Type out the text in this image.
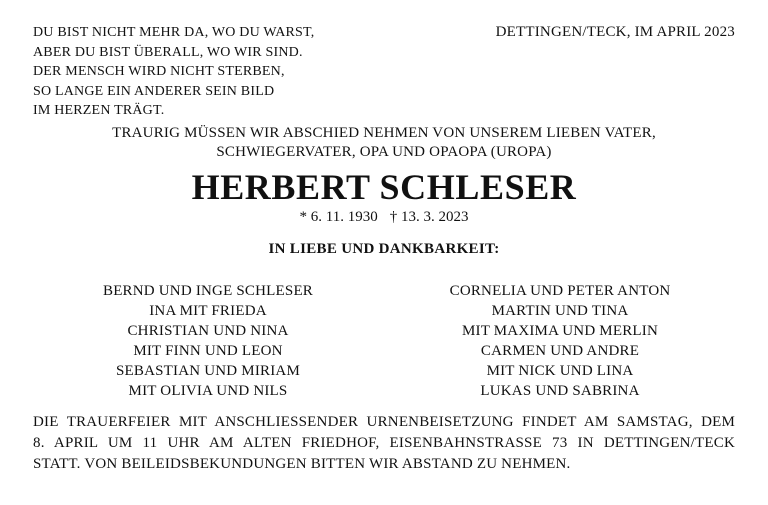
DU BIST NICHT MEHR DA, WO DU WARST,
ABER DU BIST ÜBERALL, WO WIR SIND.
DER MENSCH WIRD NICHT STERBEN,
SO LANGE EIN ANDERER SEIN BILD
IM HERZEN TRÄGT.
DETTINGEN/TECK, IM APRIL 2023
TRAURIG MÜSSEN WIR ABSCHIED NEHMEN VON UNSEREM LIEBEN VATER,
SCHWIEGERVATER, OPA UND OPAOPA (UROPA)
HERBERT SCHLESER
* 6. 11. 1930 † 13. 3. 2023
IN LIEBE UND DANKBARKEIT:
BERND UND INGE SCHLESER
INA MIT FRIEDA
CHRISTIAN UND NINA
MIT FINN UND LEON
SEBASTIAN UND MIRIAM
MIT OLIVIA UND NILS
CORNELIA UND PETER ANTON
MARTIN UND TINA
MIT MAXIMA UND MERLIN
CARMEN UND ANDRE
MIT NICK UND LINA
LUKAS UND SABRINA
DIE TRAUERFEIER MIT ANSCHLIESSENDER URNENBEISETZUNG FINDET AM SAMSTAG, DEM
8. APRIL UM 11 UHR AM ALTEN FRIEDHOF, EISENBAHNSTRASSE 73 IN DETTINGEN/TECK
STATT. VON BEILEIDSBEKUNDUNGEN BITTEN WIR ABSTAND ZU NEHMEN.
